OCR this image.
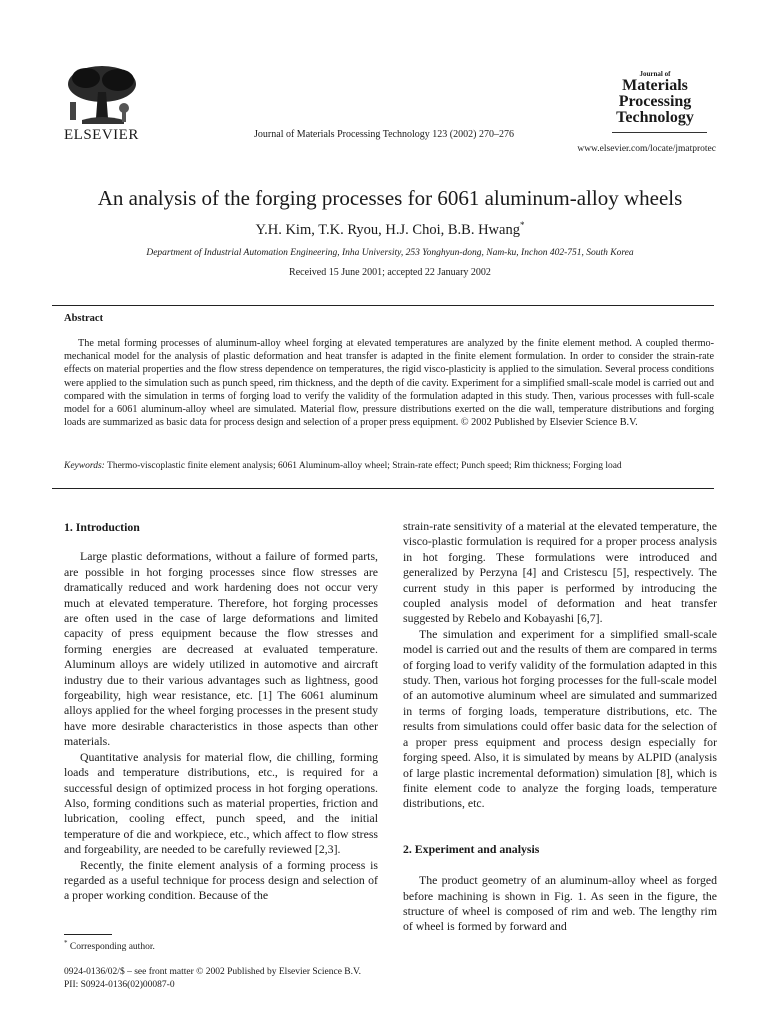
ELSEVIER	Journal of Materials Processing Technology 123 (2002) 270–276
Journal of
Materials
Processing
Technology
www.elsevier.com/locate/jmatprotec
An analysis of the forging processes for 6061 aluminum-alloy wheels
Y.H. Kim, T.K. Ryou, H.J. Choi, B.B. Hwang*
Department of Industrial Automation Engineering, Inha University, 253 Yonghyun-dong, Nam-ku, Inchon 402-751, South Korea
Received 15 June 2001; accepted 22 January 2002
Abstract
The metal forming processes of aluminum-alloy wheel forging at elevated temperatures are analyzed by the finite element method. A coupled thermo-mechanical model for the analysis of plastic deformation and heat transfer is adapted in the finite element formulation. In order to consider the strain-rate effects on material properties and the flow stress dependence on temperatures, the rigid visco-plasticity is applied to the simulation. Several process conditions were applied to the simulation such as punch speed, rim thickness, and the depth of die cavity. Experiment for a simplified small-scale model is carried out and compared with the simulation in terms of forging load to verify the validity of the formulation adapted in this study. Then, various processes with full-scale model for a 6061 aluminum-alloy wheel are simulated. Material flow, pressure distributions exerted on the die wall, temperature distributions and forging loads are summarized as basic data for process design and selection of a proper press equipment. © 2002 Published by Elsevier Science B.V.
Keywords: Thermo-viscoplastic finite element analysis; 6061 Aluminum-alloy wheel; Strain-rate effect; Punch speed; Rim thickness; Forging load
1. Introduction

Large plastic deformations, without a failure of formed parts, are possible in hot forging processes since flow stresses are dramatically reduced and work hardening does not occur very much at elevated temperature. Therefore, hot forging processes are often used in the case of large deformations and limited capacity of press equipment because the flow stresses and forming energies are decreased at evaluated temperature. Aluminum alloys are widely utilized in automotive and aircraft industry due to their various advantages such as lightness, good forgeability, high wear resistance, etc. [1] The 6061 aluminum alloys applied for the wheel forging processes in the present study have more desirable characteristics in those aspects than other materials.

Quantitative analysis for material flow, die chilling, forming loads and temperature distributions, etc., is required for a successful design of optimized process in hot forging operations. Also, forming conditions such as material properties, friction and lubrication, cooling effect, punch speed, and the initial temperature of die and workpiece, etc., which affect to flow stress and forgeability, are needed to be carefully reviewed [2,3].

Recently, the finite element analysis of a forming process is regarded as a useful technique for process design and selection of a proper working condition. Because of the

* Corresponding author.
0924-0136/02/$ – see front matter © 2002 Published by Elsevier Science B.V.
PII: S0924-0136(02)00087-0

strain-rate sensitivity of a material at the elevated temperature, the visco-plastic formulation is required for a proper process analysis in hot forging. These formulations were introduced and generalized by Perzyna [4] and Cristescu [5], respectively. The current study in this paper is performed by introducing the coupled analysis model of deformation and heat transfer suggested by Rebelo and Kobayashi [6,7].

The simulation and experiment for a simplified small-scale model is carried out and the results of them are compared in terms of forging load to verify validity of the formulation adapted in this study. Then, various hot forging processes for the full-scale model of an automotive aluminum wheel are simulated and summarized in terms of forging loads, temperature distributions, etc. The results from simulations could offer basic data for the selection of a proper press equipment and process design especially for forging speed. Also, it is simulated by means by ALPID (analysis of large plastic incremental deformation) simulation [8], which is finite element code to analyze the forging loads, temperature distributions, etc.

2. Experiment and analysis

The product geometry of an aluminum-alloy wheel as forged before machining is shown in Fig. 1. As seen in the figure, the structure of wheel is composed of rim and web. The lengthy rim of wheel is formed by forward and
